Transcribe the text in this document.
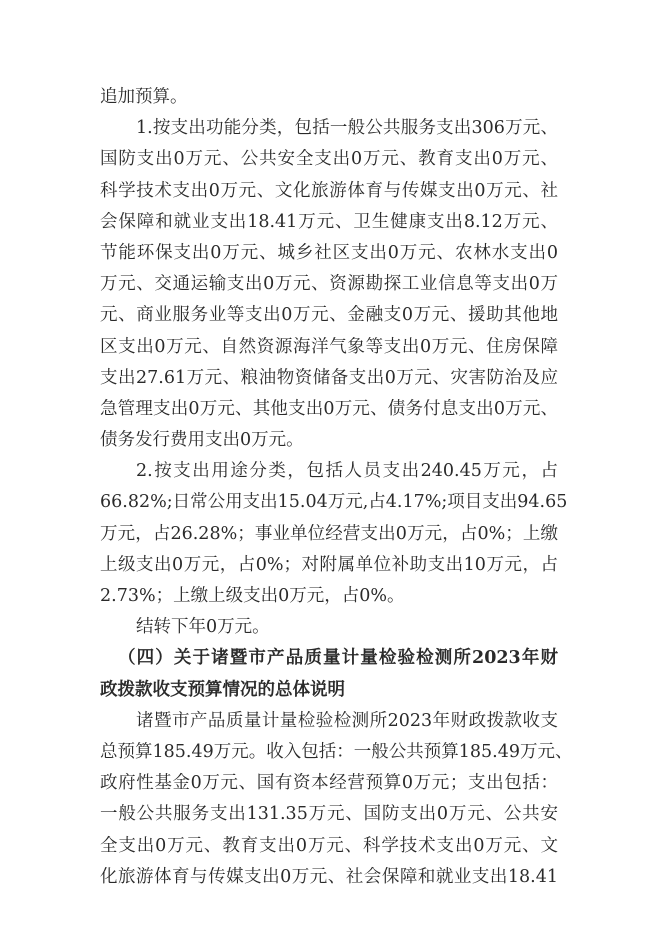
追加预算。
1.按支出功能分类，包括一般公共服务支出306万元、
国防支出0万元、公共安全支出0万元、教育支出0万元、
科学技术支出0万元、文化旅游体育与传媒支出0万元、社
会保障和就业支出18.41万元、卫生健康支出8.12万元、
节能环保支出0万元、城乡社区支出0万元、农林水支出0
万元、交通运输支出0万元、资源勘探工业信息等支出0万
元、商业服务业等支出0万元、金融支0万元、援助其他地
区支出0万元、自然资源海洋气象等支出0万元、住房保障
支出27.61万元、粮油物资储备支出0万元、灾害防治及应
急管理支出0万元、其他支出0万元、债务付息支出0万元、
债务发行费用支出0万元。
2.按支出用途分类，包括人员支出240.45万元，占
66.82%;日常公用支出15.04万元,占4.17%;项目支出94.65
万元，占26.28%；事业单位经营支出0万元，占0%；上缴
上级支出0万元，占0%；对附属单位补助支出10万元，占
2.73%；上缴上级支出0万元，占0%。
结转下年0万元。
（四）关于诸暨市产品质量计量检验检测所2023年财
政拨款收支预算情况的总体说明
诸暨市产品质量计量检验检测所2023年财政拨款收支
总预算185.49万元。收入包括：一般公共预算185.49万元、
政府性基金0万元、国有资本经营预算0万元；支出包括：
一般公共服务支出131.35万元、国防支出0万元、公共安
全支出0万元、教育支出0万元、科学技术支出0万元、文
化旅游体育与传媒支出0万元、社会保障和就业支出18.41
